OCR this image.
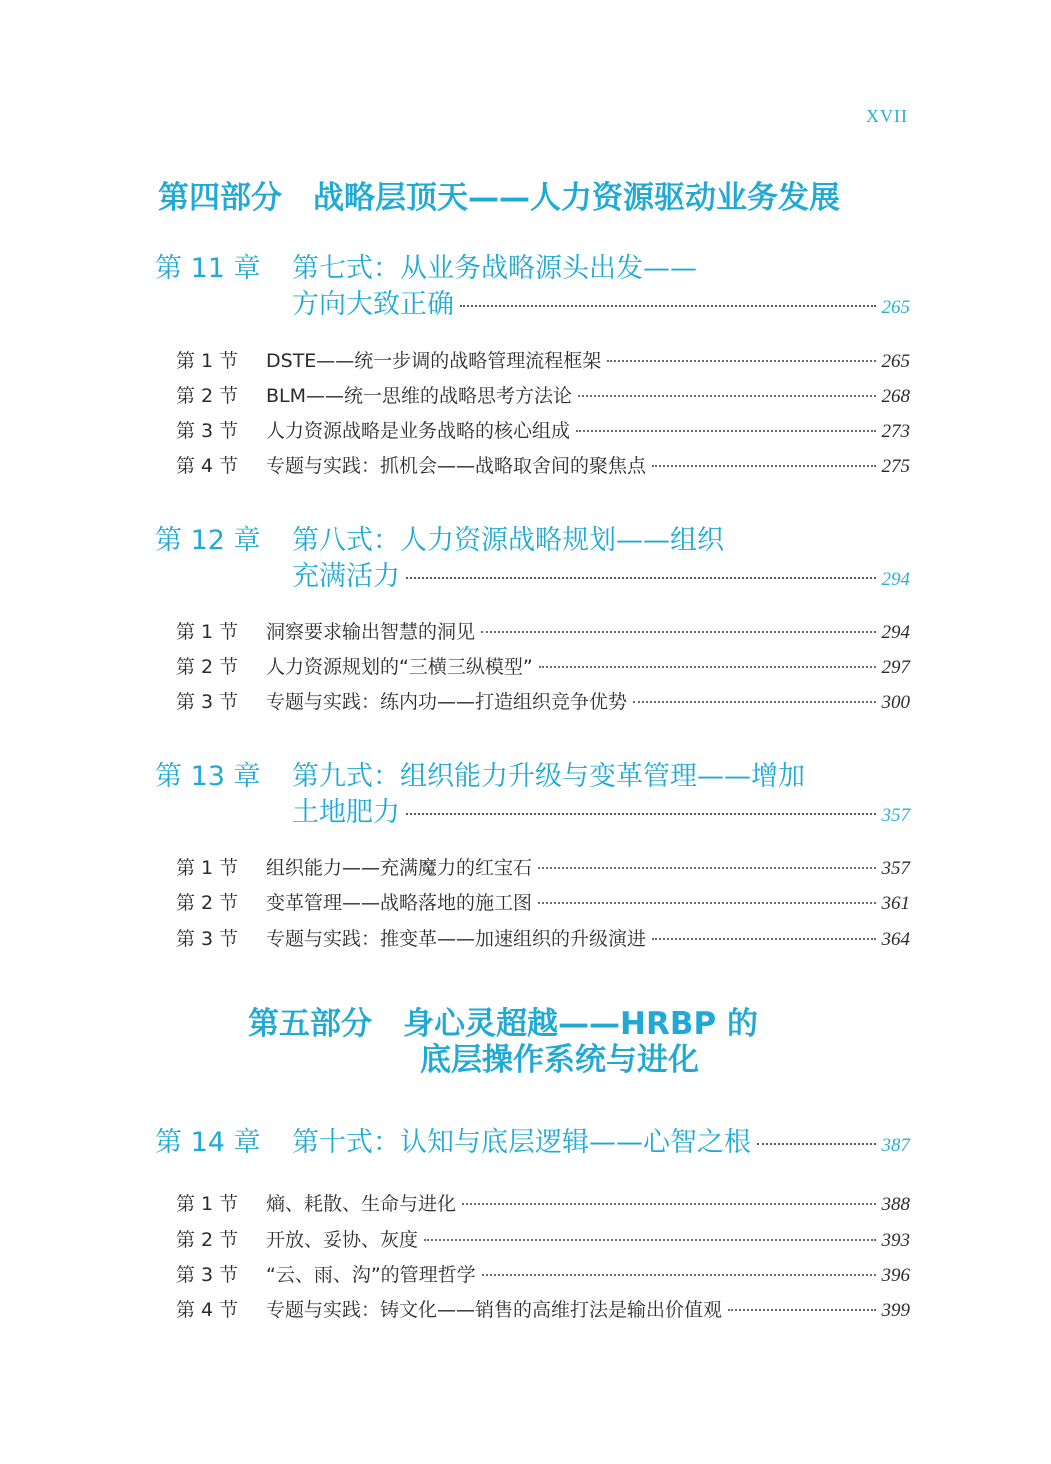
XVII
第四部分　战略层顶天——人力资源驱动业务发展
第 11 章 第七式：从业务战略源头出发——
方向大致正确	265
第 1 节	DSTE——统一步调的战略管理流程框架	265
第 2 节	BLM——统一思维的战略思考方法论	268
第 3 节	人力资源战略是业务战略的核心组成	273
第 4 节	专题与实践：抓机会——战略取舍间的聚焦点	275
第 12 章 第八式：人力资源战略规划——组织
充满活力	294
第 1 节	洞察要求输出智慧的洞见	294
第 2 节	人力资源规划的“三横三纵模型”	297
第 3 节	专题与实践：练内功——打造组织竞争优势	300
第 13 章 第九式：组织能力升级与变革管理——增加
土地肥力	357
第 1 节	组织能力——充满魔力的红宝石	357
第 2 节	变革管理——战略落地的施工图	361
第 3 节	专题与实践：推变革——加速组织的升级演进	364
第五部分　身心灵超越——HRBP 的
底层操作系统与进化
第 14 章 第十式：认知与底层逻辑——心智之根	387
第 1 节	熵、耗散、生命与进化	388
第 2 节	开放、妥协、灰度	393
第 3 节	“云、雨、沟”的管理哲学	396
第 4 节	专题与实践：铸文化——销售的高维打法是输出价值观	399
